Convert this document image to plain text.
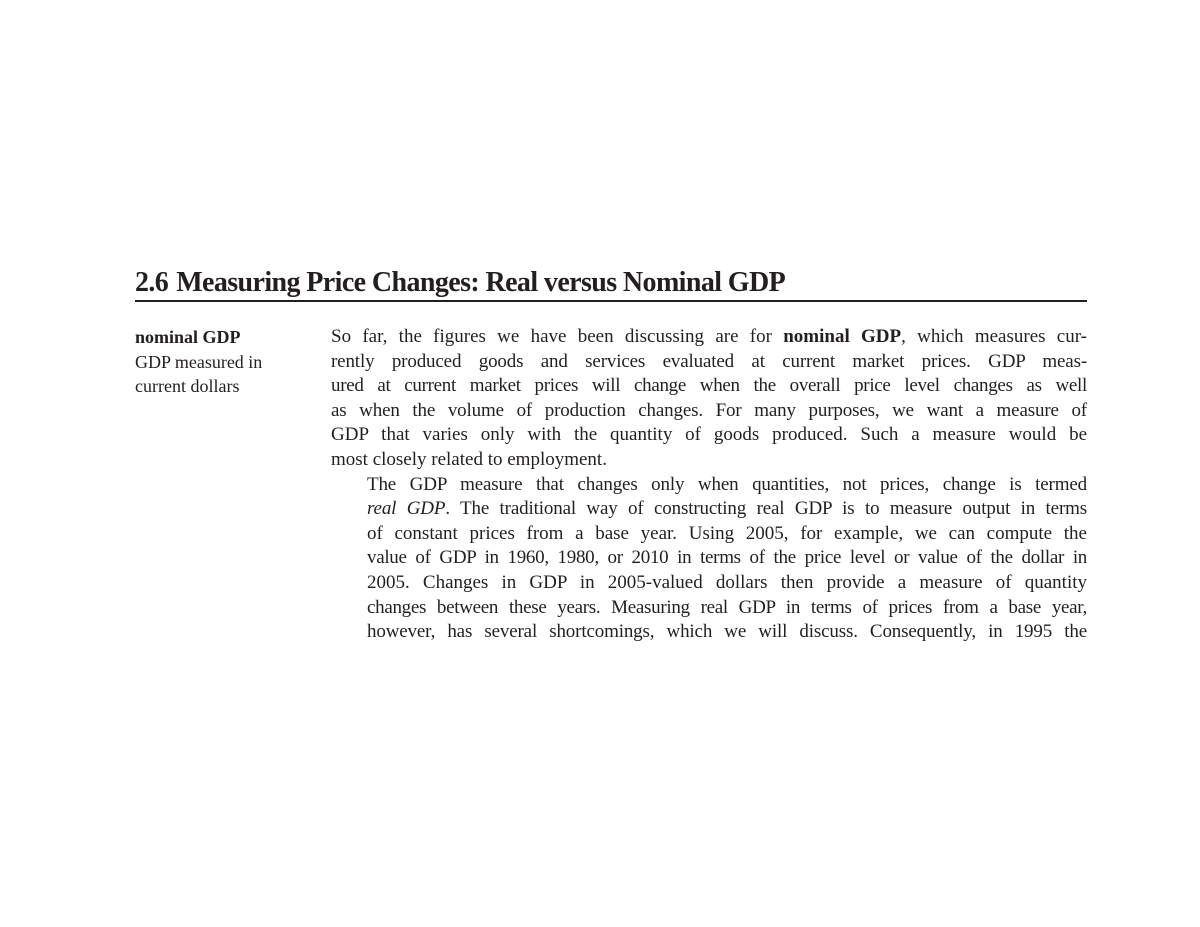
2.6 Measuring Price Changes: Real versus Nominal GDP
nominal GDP
GDP measured in
current dollars

So far, the figures we have been discussing are for nominal GDP, which measures cur-
rently produced goods and services evaluated at current market prices. GDP meas-
ured at current market prices will change when the overall price level changes as well
as when the volume of production changes. For many purposes, we want a measure of
GDP that varies only with the quantity of goods produced. Such a measure would be
most closely related to employment.

The GDP measure that changes only when quantities, not prices, change is termed
real GDP. The traditional way of constructing real GDP is to measure output in terms
of constant prices from a base year. Using 2005, for example, we can compute the
value of GDP in 1960, 1980, or 2010 in terms of the price level or value of the dollar in
2005. Changes in GDP in 2005-valued dollars then provide a measure of quantity
changes between these years. Measuring real GDP in terms of prices from a base year,
however, has several shortcomings, which we will discuss. Consequently, in 1995 the
